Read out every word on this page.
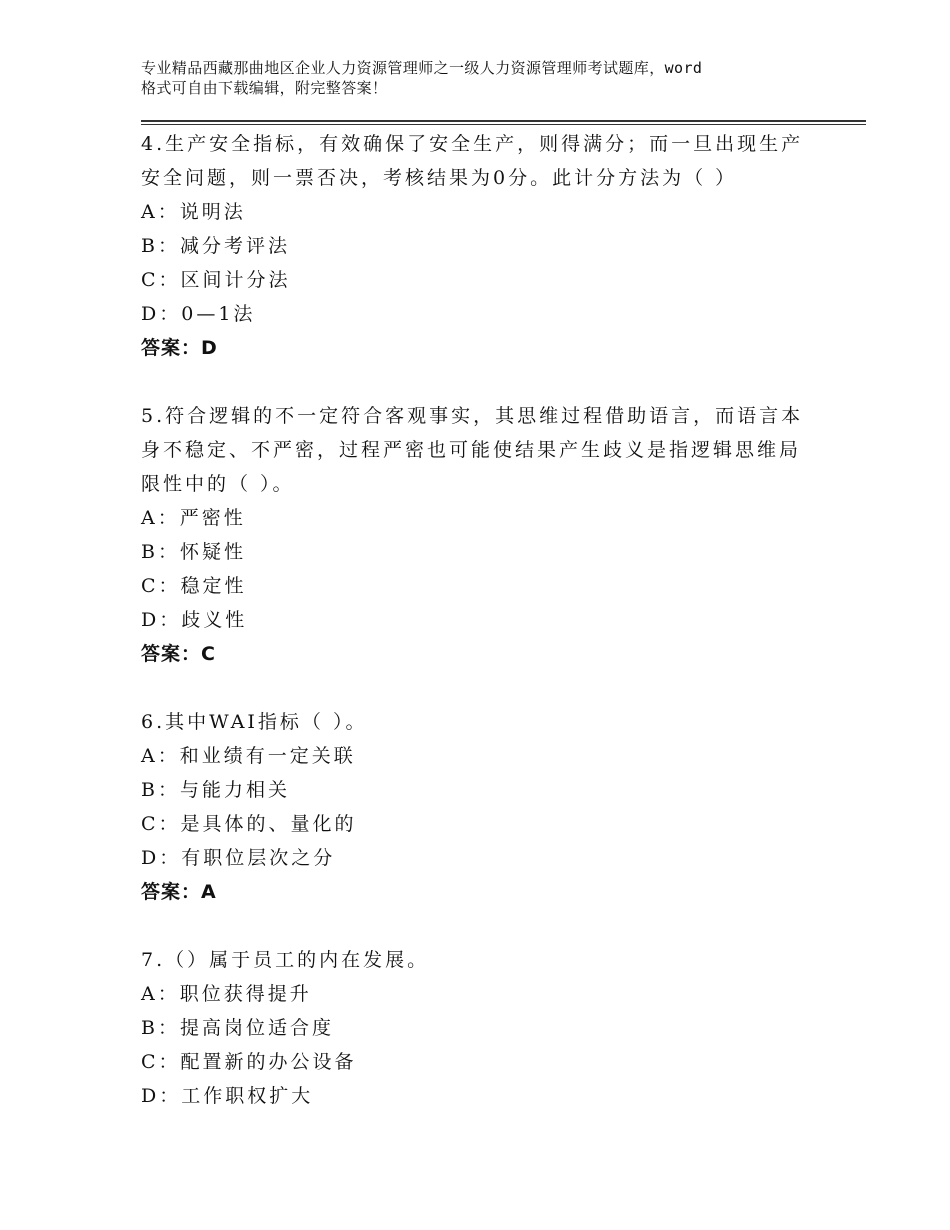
专业精品西藏那曲地区企业人力资源管理师之一级人力资源管理师考试题库，word
格式可自由下载编辑，附完整答案！
4.生产安全指标，有效确保了安全生产，则得满分；而一旦出现生产
安全问题，则一票否决，考核结果为0分。此计分方法为（ ）
A：说明法
B：减分考评法
C：区间计分法
D：0—1法
答案：D
5.符合逻辑的不一定符合客观事实，其思维过程借助语言，而语言本
身不稳定、不严密，过程严密也可能使结果产生歧义是指逻辑思维局
限性中的（ ）。
A：严密性
B：怀疑性
C：稳定性
D：歧义性
答案：C
6.其中WAI指标（ ）。
A：和业绩有一定关联
B：与能力相关
C：是具体的、量化的
D：有职位层次之分
答案：A
7.（）属于员工的内在发展。
A：职位获得提升
B：提高岗位适合度
C：配置新的办公设备
D：工作职权扩大
